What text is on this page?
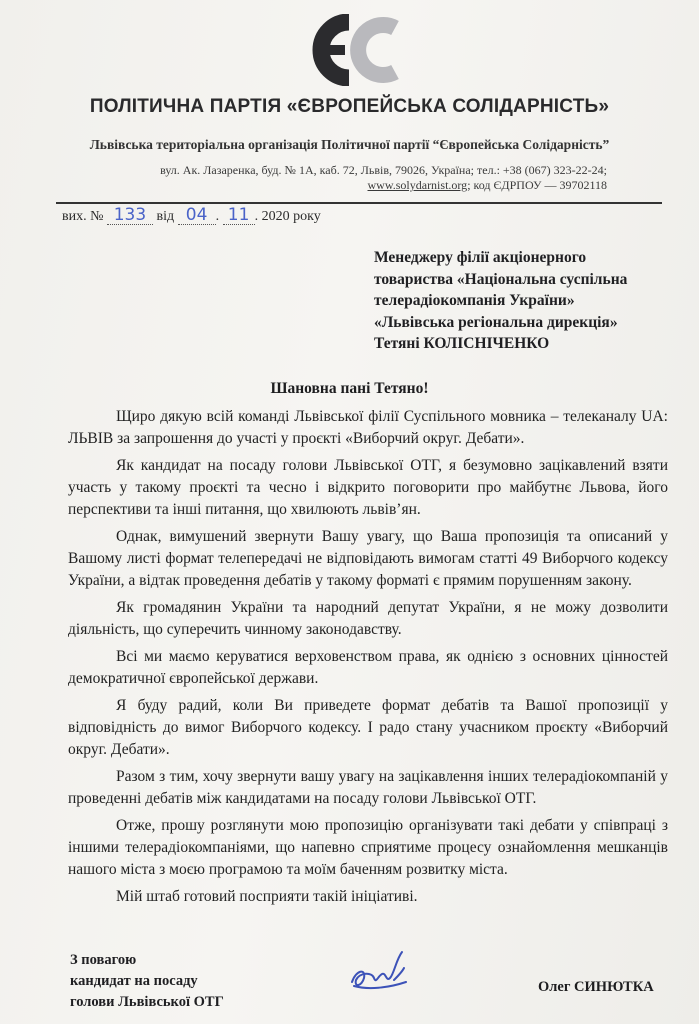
ПОЛІТИЧНА ПАРТІЯ «ЄВРОПЕЙСЬКА СОЛІДАРНІСТЬ»
Львівська територіальна організація Політичної партії “Європейська Солідарність”
вул. Ак. Лазаренка, буд. № 1А, каб. 72, Львів, 79026, Україна; тел.: +38 (067) 323-22-24;
www.solydarnist.org; код ЄДРПОУ — 39702118
вих. № 133 від 04 . 11 . 2020 року
Менеджеру філії акціонерного
товариства «Національна суспільна
телерадіокомпанія України»
«Львівська регіональна дирекція»
Тетяні КОЛІСНІЧЕНКО
Шановна пані Тетяно!

Щиро дякую всій команді Львівської філії Суспільного мовника – телеканалу UA: ЛЬВІВ за запрошення до участі у проєкті «Виборчий округ. Дебати».

Як кандидат на посаду голови Львівської ОТГ, я безумовно зацікавлений взяти участь у такому проєкті та чесно і відкрито поговорити про майбутнє Львова, його перспективи та інші питання, що хвилюють львів’ян.

Однак, вимушений звернути Вашу увагу, що Ваша пропозиція та описаний у Вашому листі формат телепередачі не відповідають вимогам статті 49 Виборчого кодексу України, а відтак проведення дебатів у такому форматі є прямим порушенням закону.

Як громадянин України та народний депутат України, я не можу дозволити діяльність, що суперечить чинному законодавству.

Всі ми маємо керуватися верховенством права, як однією з основних цінностей демократичної європейської держави.

Я буду радий, коли Ви приведете формат дебатів та Вашої пропозиції у відповідність до вимог Виборчого кодексу. І радо стану учасником проєкту «Виборчий округ. Дебати».

Разом з тим, хочу звернути вашу увагу на зацікавлення інших телерадіокомпаній у проведенні дебатів між кандидатами на посаду голови Львівської ОТГ.

Отже, прошу розглянути мою пропозицію організувати такі дебати у співпраці з іншими телерадіокомпаніями, що напевно сприятиме процесу ознайомлення мешканців нашого міста з моєю програмою та моїм баченням розвитку міста.

Мій штаб готовий посприяти такій ініціативі.

З повагою
кандидат на посаду
голови Львівської ОТГ
Олег СИНЮТКА
